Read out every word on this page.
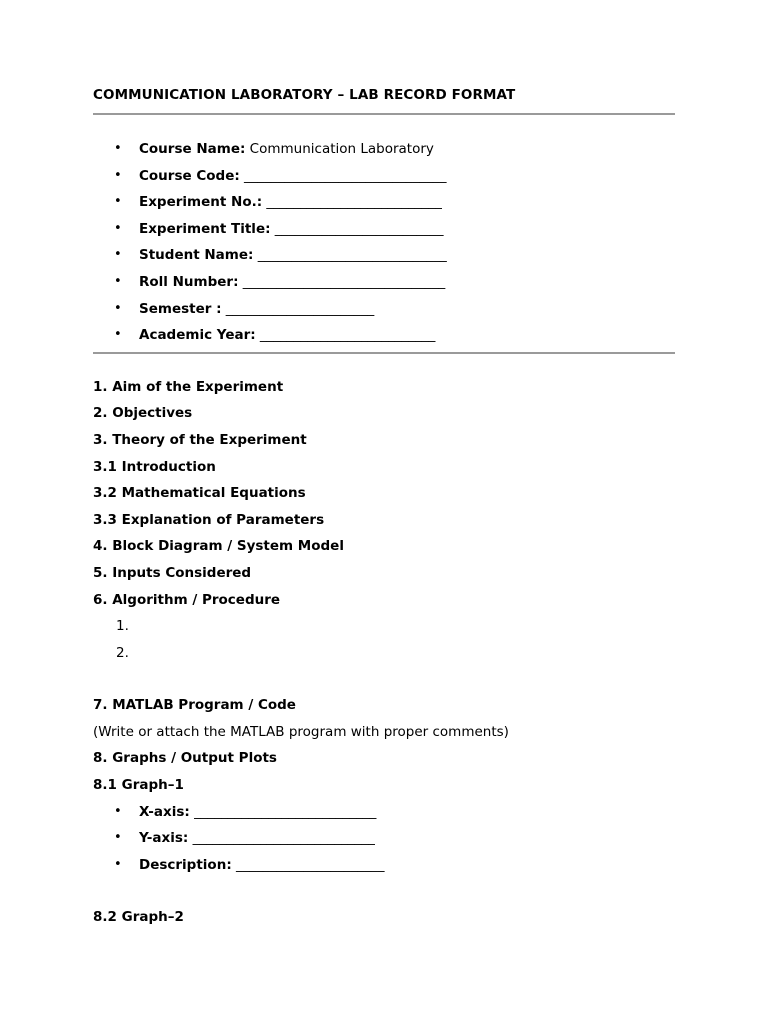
COMMUNICATION LABORATORY – LAB RECORD FORMAT
• Course Name: Communication Laboratory
• Course Code: ______________________________
• Experiment No.: __________________________
• Experiment Title: _________________________
• Student Name: ____________________________
• Roll Number: ______________________________
• Semester : ______________________
• Academic Year: __________________________
1. Aim of the Experiment
2. Objectives
3. Theory of the Experiment
3.1 Introduction
3.2 Mathematical Equations
3.3 Explanation of Parameters
4. Block Diagram / System Model
5. Inputs Considered
6. Algorithm / Procedure
1.
2.
7. MATLAB Program / Code
(Write or attach the MATLAB program with proper comments)
8. Graphs / Output Plots
8.1 Graph–1
• X-axis: ___________________________
• Y-axis: ___________________________
• Description: ______________________
8.2 Graph–2
